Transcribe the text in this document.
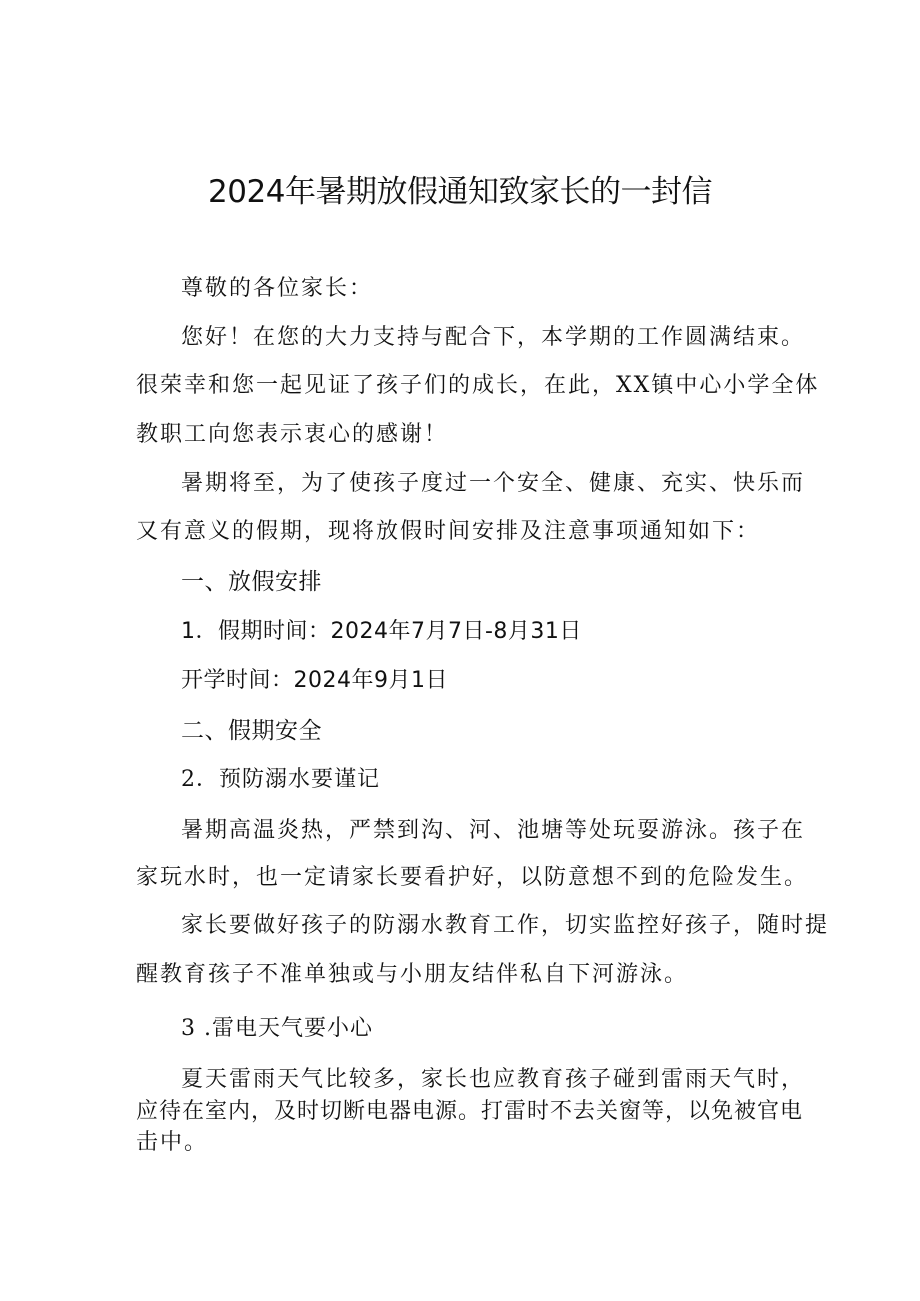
2024年暑期放假通知致家长的一封信
尊敬的各位家长：
您好！在您的大力支持与配合下，本学期的工作圆满结束。
很荣幸和您一起见证了孩子们的成长，在此，XX镇中心小学全体
教职工向您表示衷心的感谢！
暑期将至，为了使孩子度过一个安全、健康、充实、快乐而
又有意义的假期，现将放假时间安排及注意事项通知如下：
一、放假安排
1．假期时间：2024年7月7日-8月31日
开学时间：2024年9月1日
二、假期安全
2．预防溺水要谨记
暑期高温炎热，严禁到沟、河、池塘等处玩耍游泳。孩子在
家玩水时，也一定请家长要看护好，以防意想不到的危险发生。
家长要做好孩子的防溺水教育工作，切实监控好孩子，随时提
醒教育孩子不准单独或与小朋友结伴私自下河游泳。
3 .雷电天气要小心
夏天雷雨天气比较多，家长也应教育孩子碰到雷雨天气时，
应待在室内，及时切断电器电源。打雷时不去关窗等，以免被官电
击中。
